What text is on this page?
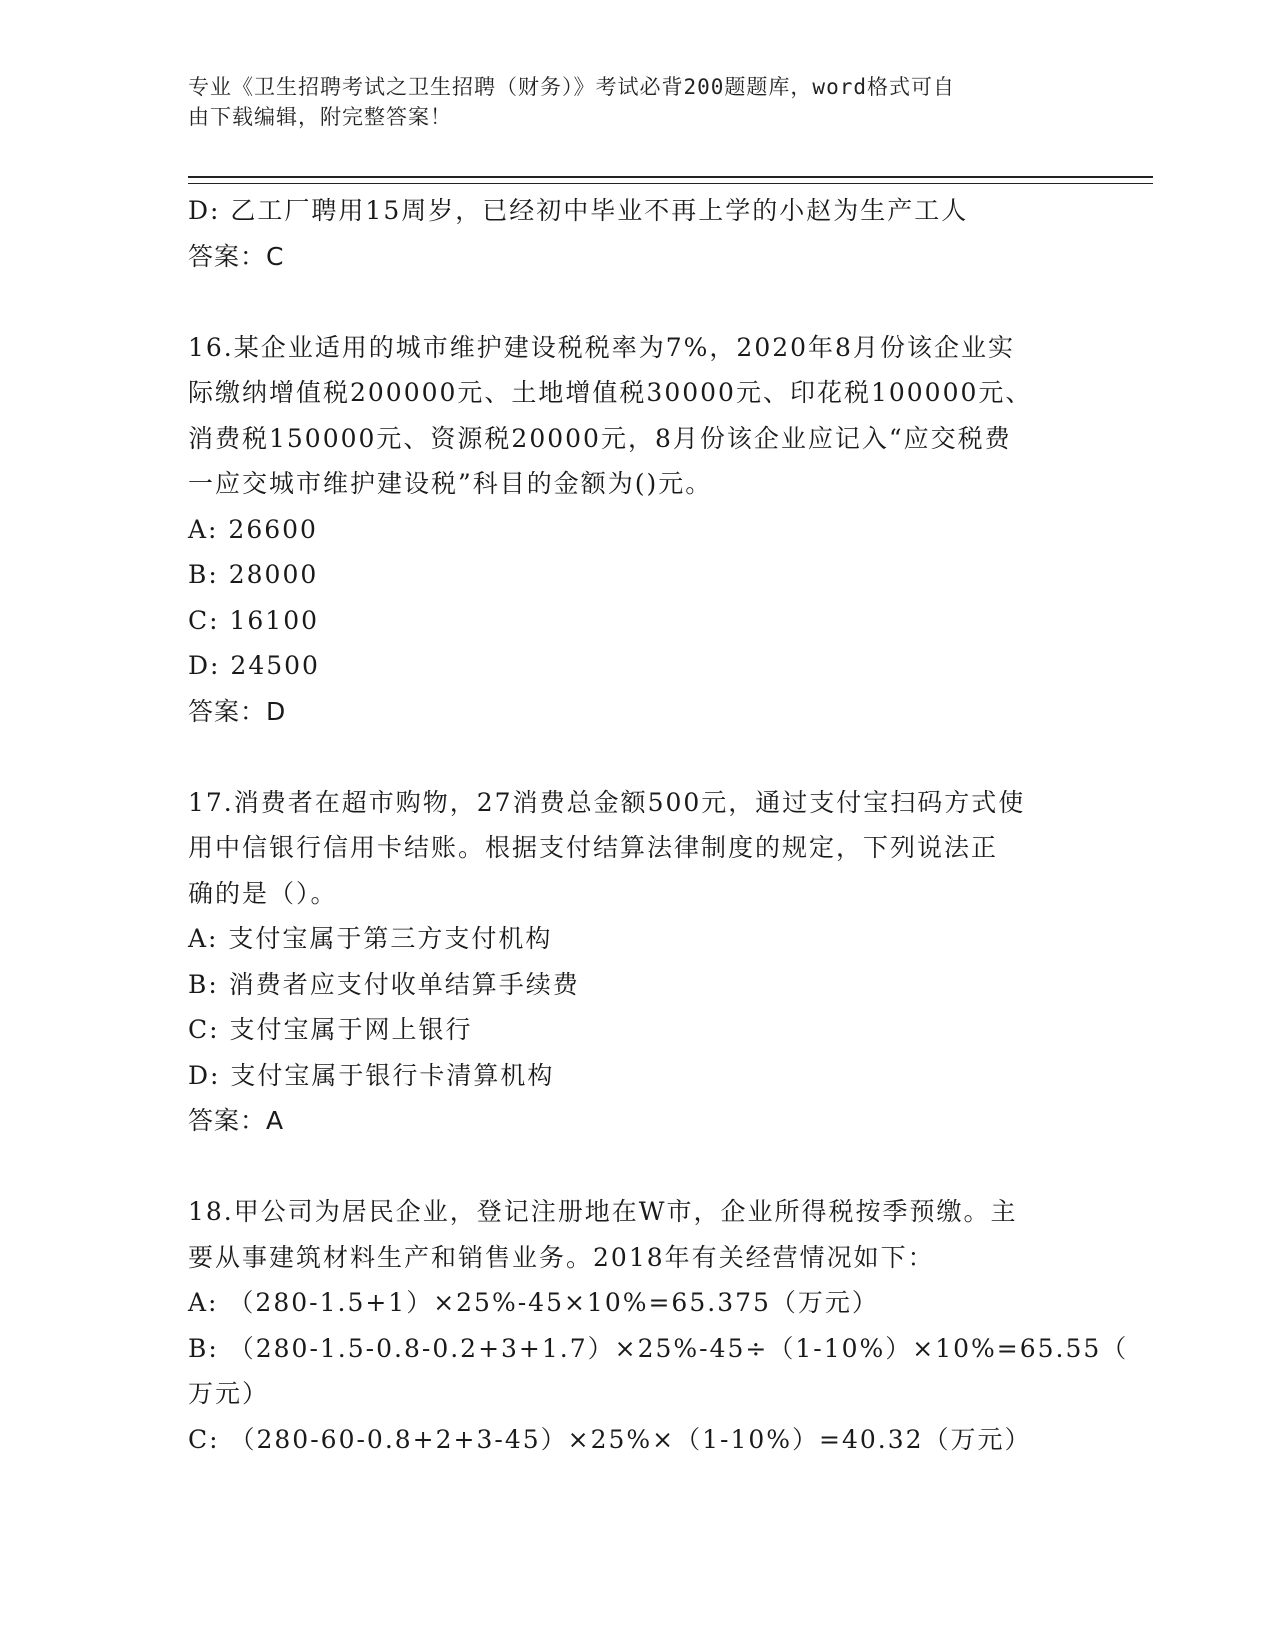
专业《卫生招聘考试之卫生招聘（财务）》考试必背200题题库，word格式可自
由下载编辑，附完整答案！
D: 乙工厂聘用15周岁，已经初中毕业不再上学的小赵为生产工人
答案：C
16.某企业适用的城市维护建设税税率为7%，2020年8月份该企业实
际缴纳增值税200000元、土地增值税30000元、印花税100000元、
消费税150000元、资源税20000元，8月份该企业应记入“应交税费
一应交城市维护建设税”科目的金额为()元。
A: 26600
B: 28000
C: 16100
D: 24500
答案：D
17.消费者在超市购物，27消费总金额500元，通过支付宝扫码方式使
用中信银行信用卡结账。根据支付结算法律制度的规定，下列说法正
确的是（）。
A: 支付宝属于第三方支付机构
B: 消费者应支付收单结算手续费
C: 支付宝属于网上银行
D: 支付宝属于银行卡清算机构
答案：A
18.甲公司为居民企业，登记注册地在W市，企业所得税按季预缴。主
要从事建筑材料生产和销售业务。2018年有关经营情况如下：
A: （280-1.5+1）×25%-45×10%=65.375（万元）
B: （280-1.5-0.8-0.2+3+1.7）×25%-45÷（1-10%）×10%=65.55（
万元）
C: （280-60-0.8+2+3-45）×25%×（1-10%）=40.32（万元）
